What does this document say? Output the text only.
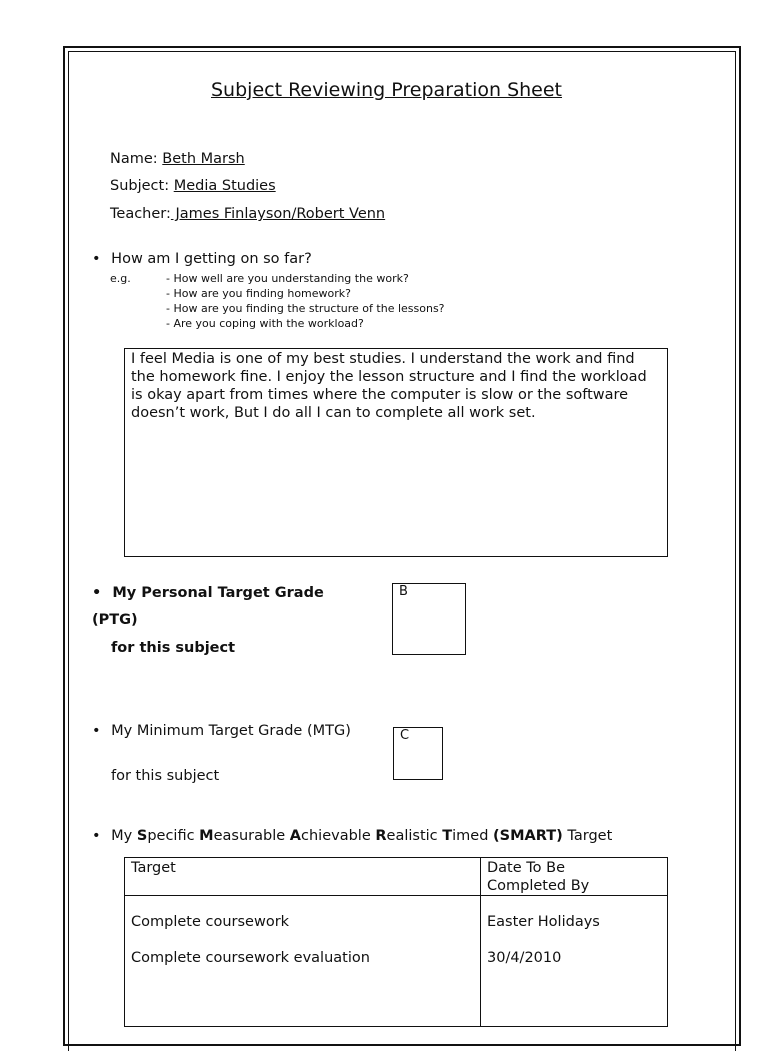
Subject Reviewing Preparation Sheet
Name: Beth Marsh
Subject: Media Studies
Teacher: James Finlayson/Robert Venn
• How am I getting on so far?
e.g.	- How well are you understanding the work?
- How are you finding homework?
- How are you finding the structure of the lessons?
- Are you coping with the workload?
I feel Media is one of my best studies. I understand the work and find the homework fine. I enjoy the lesson structure and I find the workload is okay apart from times where the computer is slow or the software doesn’t work, But I do all I can to complete all work set.
• My Personal Target Grade
(PTG)
for this subject
B
• My Minimum Target Grade (MTG)
for this subject
C
• My Specific Measurable Achievable Realistic Timed (SMART) Target
Target	Date To Be
Completed By
Complete coursework	Easter Holidays
Complete coursework evaluation	30/4/2010
